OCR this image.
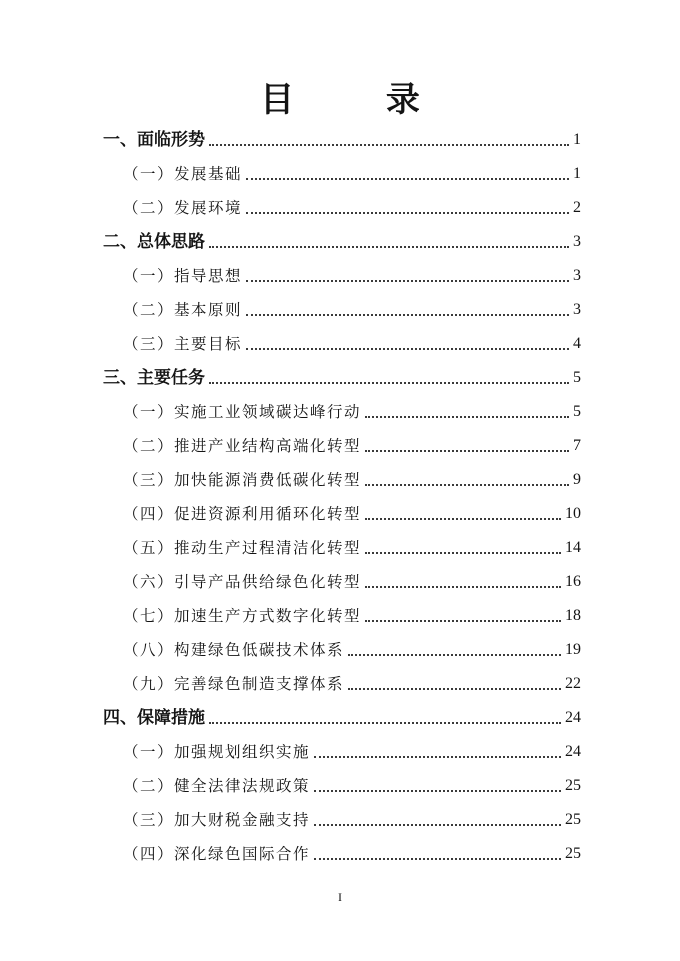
目 录
一、面临形势	1
（一）发展基础	1
（二）发展环境	2
二、总体思路	3
（一）指导思想	3
（二）基本原则	3
（三）主要目标	4
三、主要任务	5
（一）实施工业领域碳达峰行动	5
（二）推进产业结构高端化转型	7
（三）加快能源消费低碳化转型	9
（四）促进资源利用循环化转型	10
（五）推动生产过程清洁化转型	14
（六）引导产品供给绿色化转型	16
（七）加速生产方式数字化转型	18
（八）构建绿色低碳技术体系	19
（九）完善绿色制造支撑体系	22
四、保障措施	24
（一）加强规划组织实施	24
（二）健全法律法规政策	25
（三）加大财税金融支持	25
（四）深化绿色国际合作	25
I
